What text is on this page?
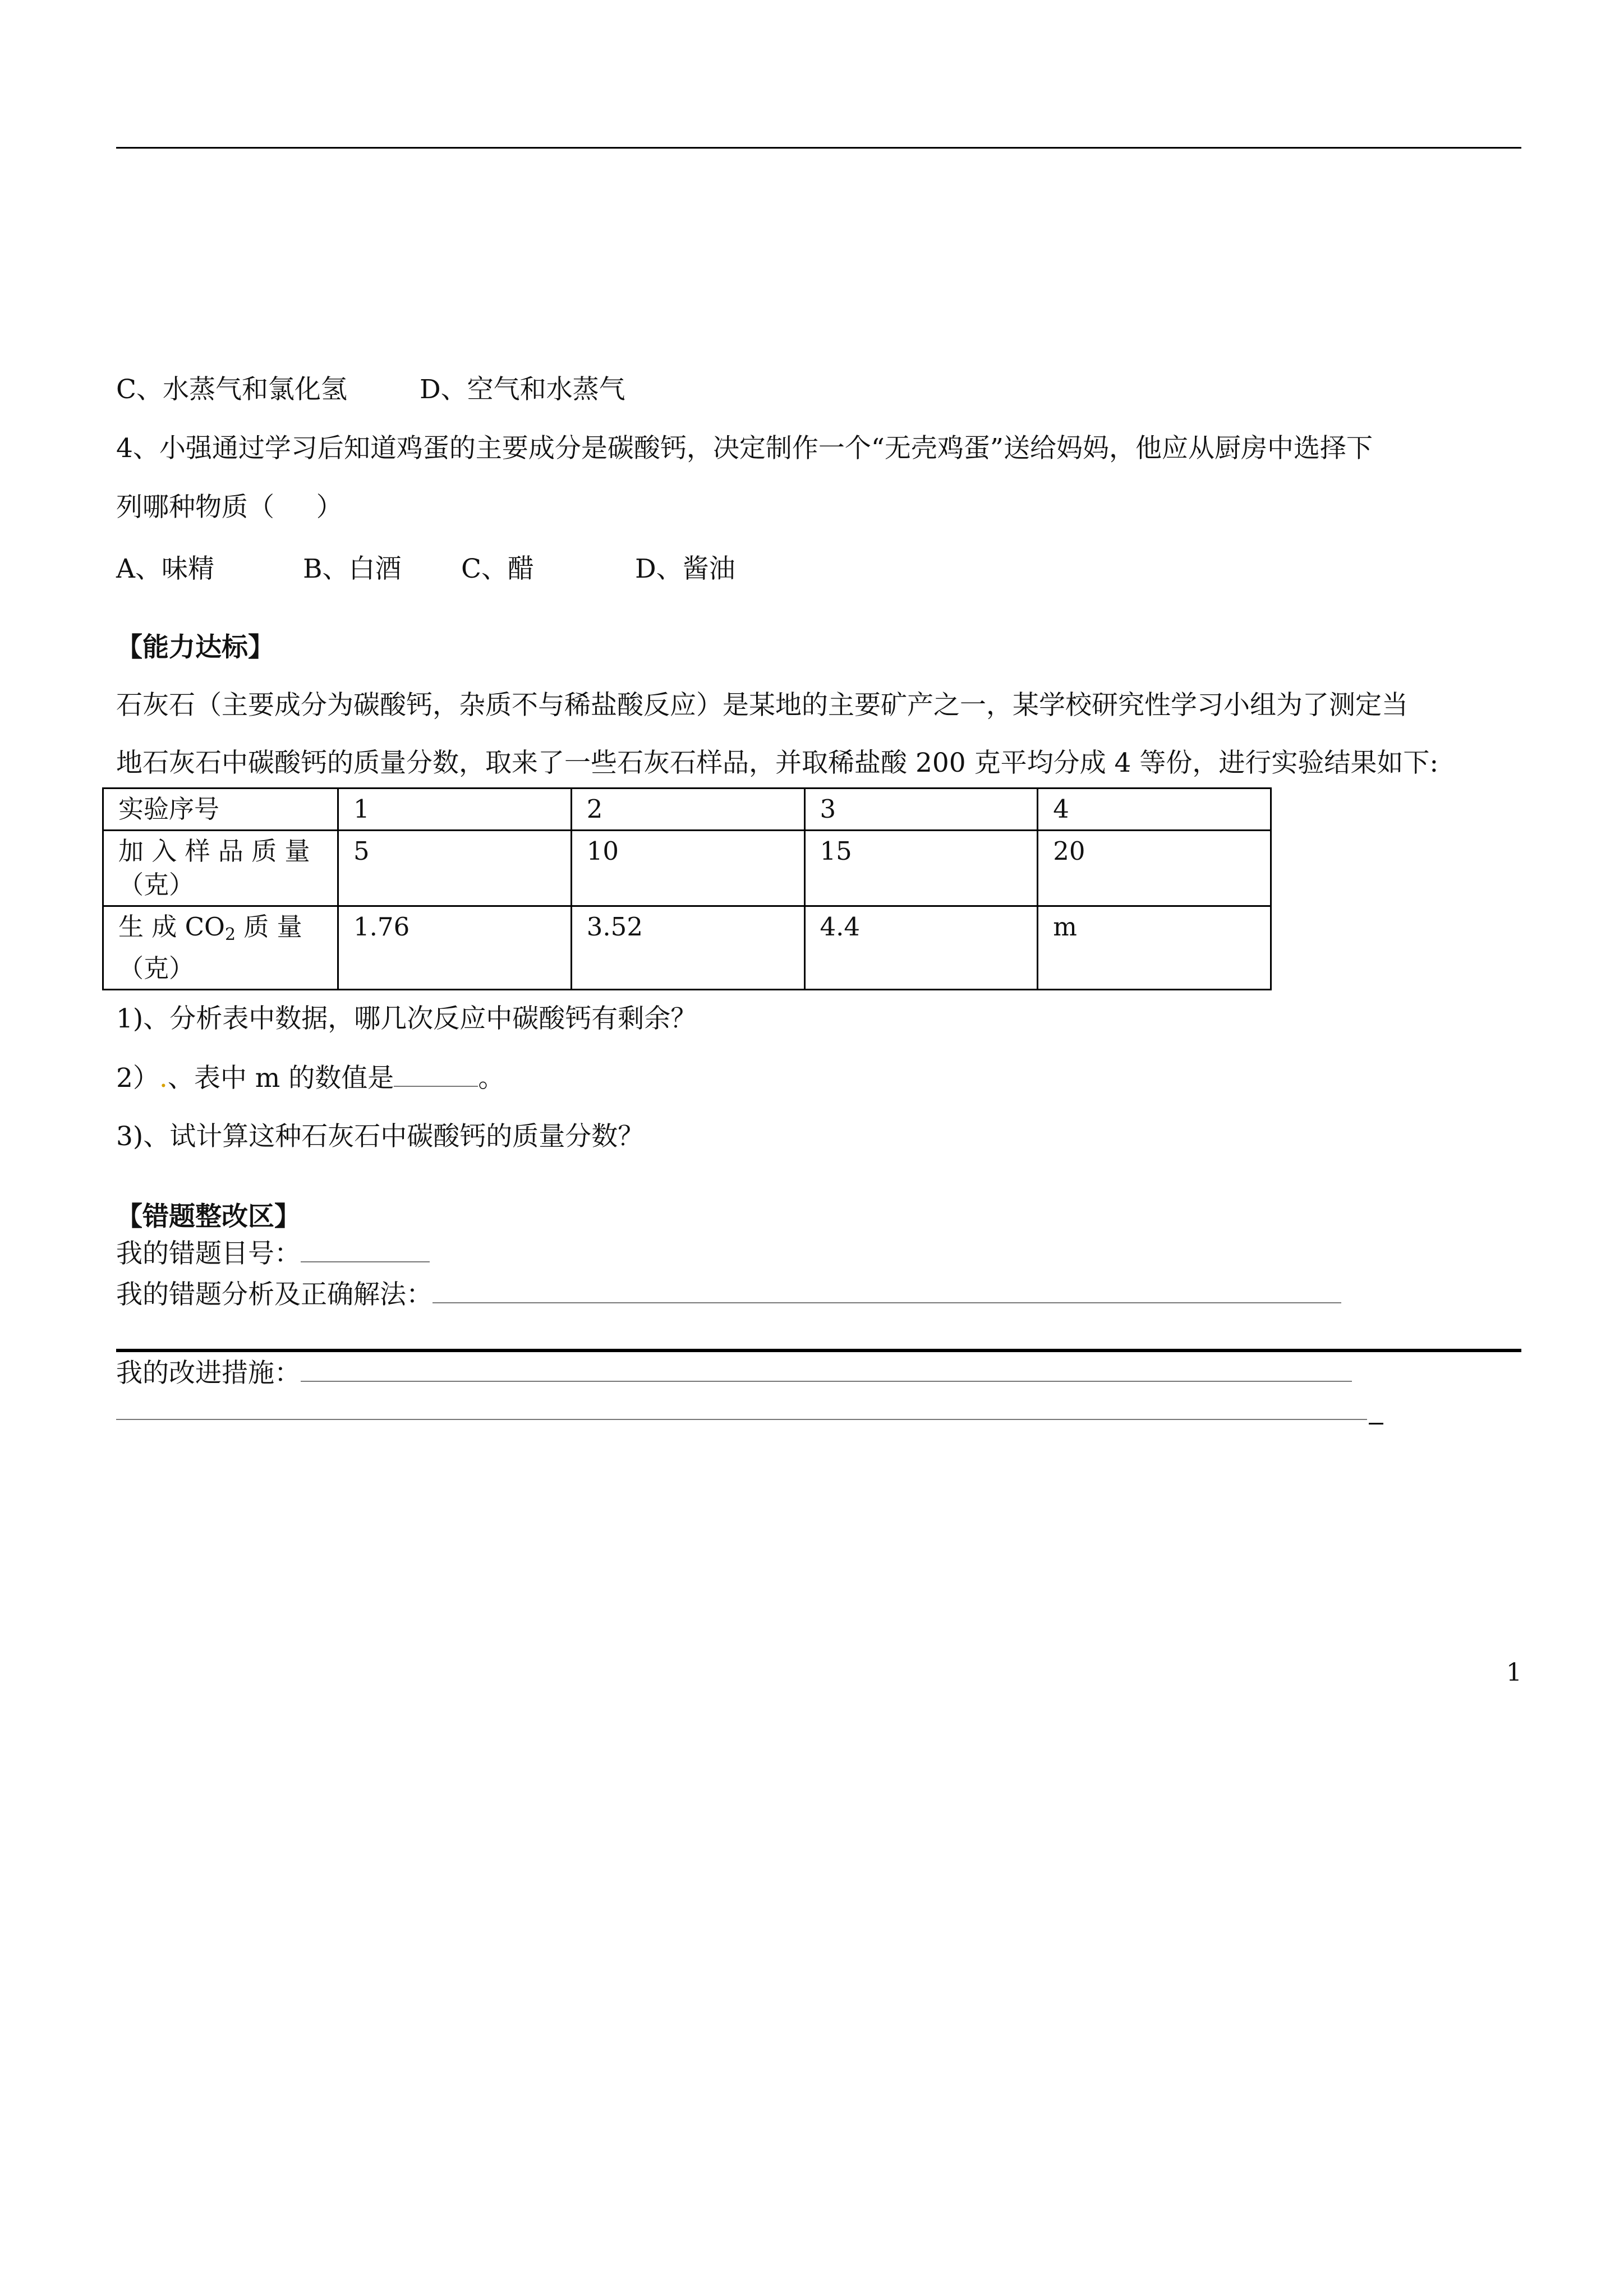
C、水蒸气和氯化氢	D、空气和水蒸气
4、小强通过学习后知道鸡蛋的主要成分是碳酸钙，决定制作一个“无壳鸡蛋”送给妈妈，他应从厨房中选择下
列哪种物质（     ）
A、味精	B、白酒 C、醋	D、酱油
【能力达标】
石灰石（主要成分为碳酸钙，杂质不与稀盐酸反应）是某地的主要矿产之一，某学校研究性学习小组为了测定当
地石灰石中碳酸钙的质量分数，取来了一些石灰石样品，并取稀盐酸 200 克平均分成 4 等份，进行实验结果如下:
实验序号	1	2	3	4

加 入 样 品 质 量
（克）	5	10	15	20

生 成 $CO_2$ 质 量
（克）	1.76	3.52	4.4	m
1)、分析表中数据，哪几次反应中碳酸钙有剩余？
2）.、表中 m 的数值是	。
3)、试计算这种石灰石中碳酸钙的质量分数？
【错题整改区】
我的错题目号：
我的错题分析及正确解法：
我的改进措施：
1
